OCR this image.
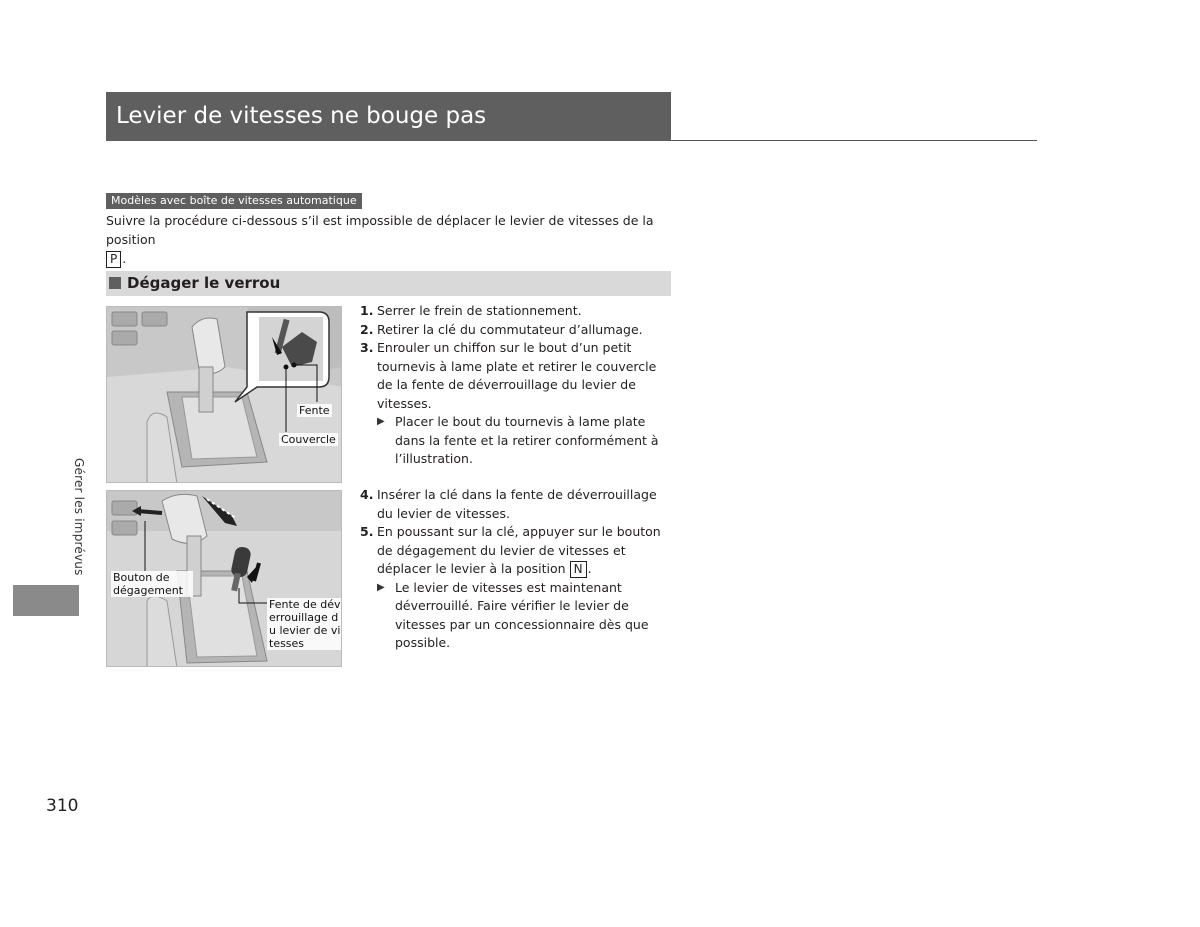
Levier de vitesses ne bouge pas
Gérer les imprévus
Modèles avec boîte de vitesses automatique
Suivre la procédure ci-dessous s’il est impossible de déplacer le levier de vitesses de la position
P .
Dégager le verrou
Fente
Couvercle
Bouton de dégagement
Fente de déverrouillage du levier de vitesses
1. Serrer le frein de stationnement.
2. Retirer la clé du commutateur d’allumage.
3. Enrouler un chiffon sur le bout d’un petit tournevis à lame plate et retirer le couvercle de la fente de déverrouillage du levier de vitesses.
▶ Placer le bout du tournevis à lame plate dans la fente et la retirer conformément à l’illustration.
4. Insérer la clé dans la fente de déverrouillage du levier de vitesses.
5. En poussant sur la clé, appuyer sur le bouton de dégagement du levier de vitesses et déplacer le levier à la position N .
▶ Le levier de vitesses est maintenant déverrouillé. Faire vérifier le levier de vitesses par un concessionnaire dès que possible.
310
